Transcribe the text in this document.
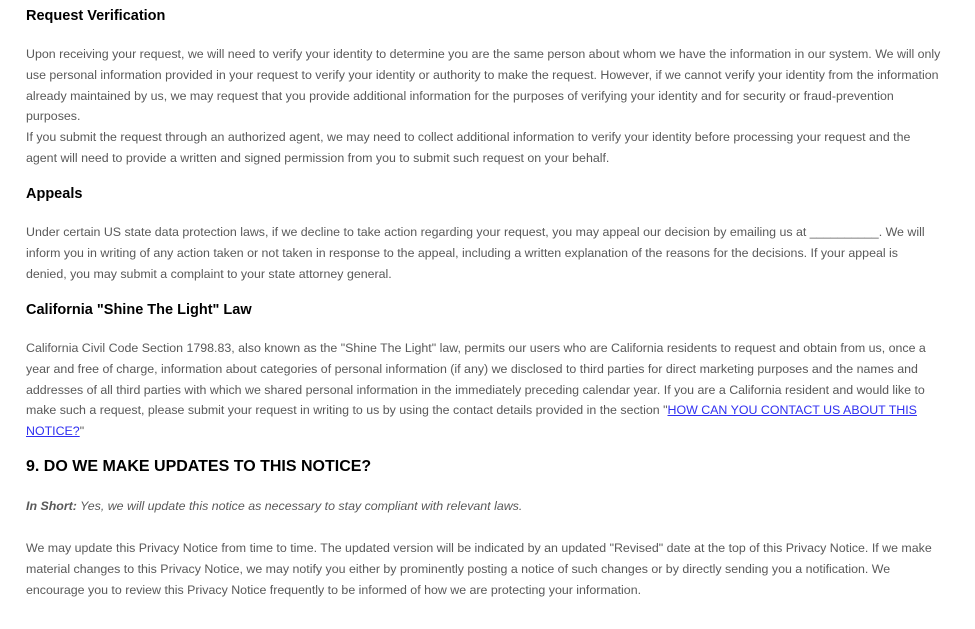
Request Verification

Upon receiving your request, we will need to verify your identity to determine you are the same person about whom we have the information in our system. We will only use personal information provided in your request to verify your identity or authority to make the request. However, if we cannot verify your identity from the information already maintained by us, we may request that you provide additional information for the purposes of verifying your identity and for security or fraud-prevention purposes.

If you submit the request through an authorized agent, we may need to collect additional information to verify your identity before processing your request and the agent will need to provide a written and signed permission from you to submit such request on your behalf.

Appeals

Under certain US state data protection laws, if we decline to take action regarding your request, you may appeal our decision by emailing us at __________. We will inform you in writing of any action taken or not taken in response to the appeal, including a written explanation of the reasons for the decisions. If your appeal is denied, you may submit a complaint to your state attorney general.

California "Shine The Light" Law

California Civil Code Section 1798.83, also known as the "Shine The Light" law, permits our users who are California residents to request and obtain from us, once a year and free of charge, information about categories of personal information (if any) we disclosed to third parties for direct marketing purposes and the names and addresses of all third parties with which we shared personal information in the immediately preceding calendar year. If you are a California resident and would like to make such a request, please submit your request in writing to us by using the contact details provided in the section "HOW CAN YOU CONTACT US ABOUT THIS NOTICE?"

9. DO WE MAKE UPDATES TO THIS NOTICE?

In Short: Yes, we will update this notice as necessary to stay compliant with relevant laws.

We may update this Privacy Notice from time to time. The updated version will be indicated by an updated "Revised" date at the top of this Privacy Notice. If we make material changes to this Privacy Notice, we may notify you either by prominently posting a notice of such changes or by directly sending you a notification. We encourage you to review this Privacy Notice frequently to be informed of how we are protecting your information.
